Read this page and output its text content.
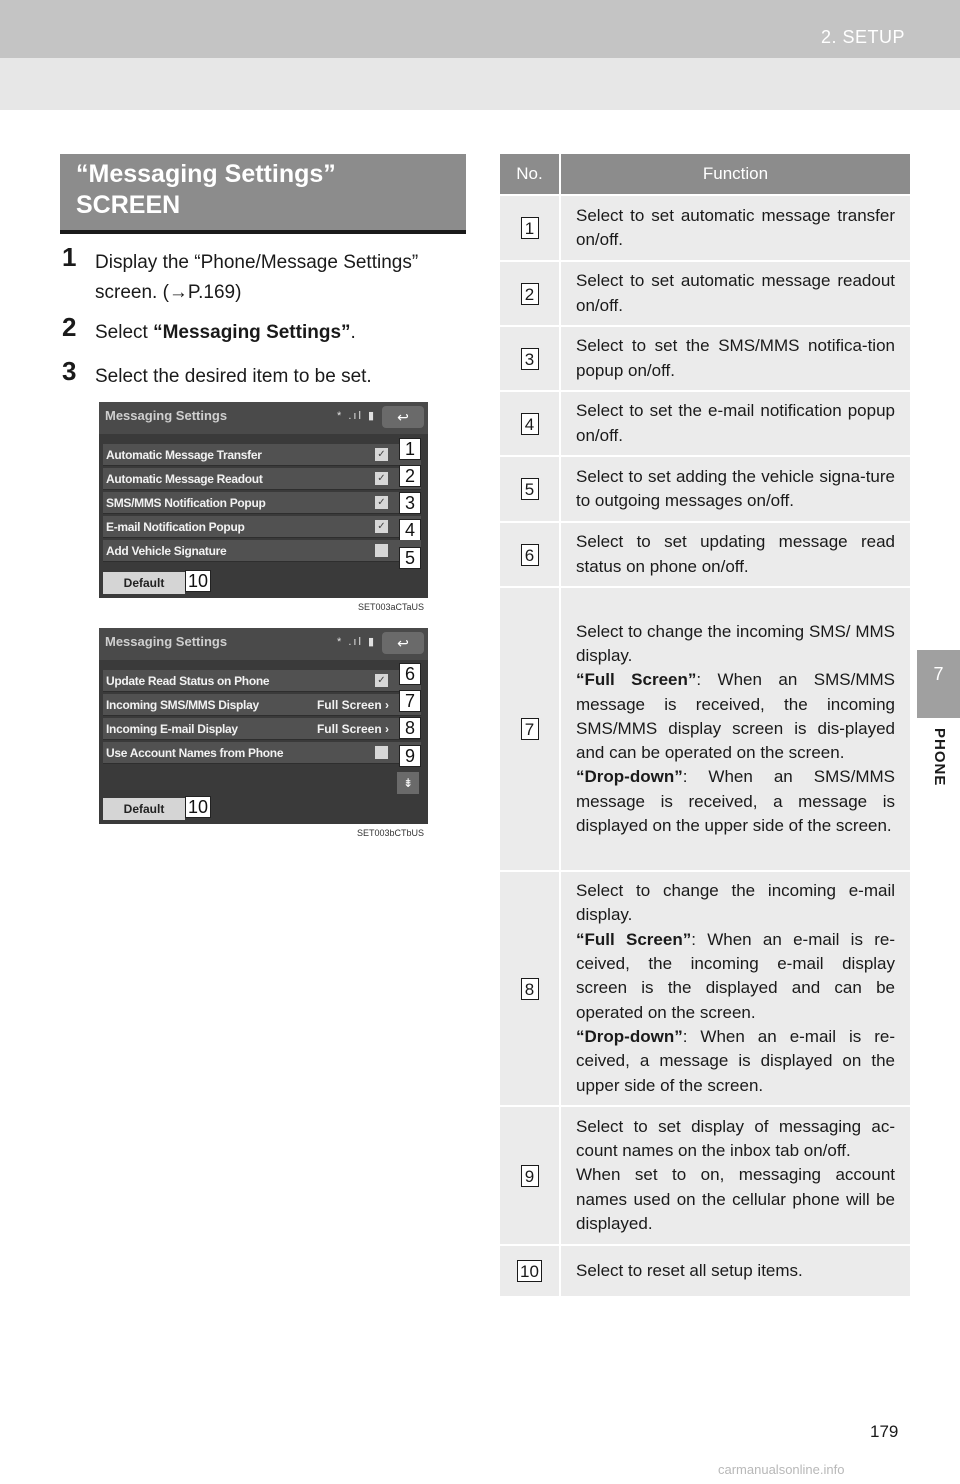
2. SETUP
7
PHONE
“Messaging Settings”
SCREEN
1 Display the “Phone/Message Settings”
screen. (→P.169)
2 Select “Messaging Settings”.
3 Select the desired item to be set.
Messaging Settings	* .ıl ▮	↩
Automatic Message Transfer	✓	1
Automatic Message Readout	✓	2
SMS/MMS Notification Popup	✓	3
E-mail Notification Popup	✓	4
Add Vehicle Signature	5
Default	10
SET003aCTaUS
Messaging Settings	* .ıl ▮	↩
Update Read Status on Phone	✓	6
Incoming SMS/MMS Display	Full Screen › 7
Incoming E-mail Display	Full Screen › 8
Use Account Names from Phone	9
⇟
Default	10
SET003bCTbUS
No.	Function
1	Select to set automatic message transfer on/off.
2	Select to set automatic message readout on/off.
3	Select to set the SMS/MMS notifica-tion popup on/off.
4	Select to set the e-mail notification popup on/off.
5	Select to set adding the vehicle signa-ture to outgoing messages on/off.
6	Select to set updating message read status on phone on/off.
7	Select to change the incoming SMS/ MMS display.
“Full Screen”: When an SMS/MMS message is received, the incoming SMS/MMS display screen is dis-played and can be operated on the screen.
“Drop-down”: When an SMS/MMS message is received, a message is displayed on the upper side of the screen.

8	Select to change the incoming e-mail display.
“Full Screen”: When an e-mail is re-ceived, the incoming e-mail display screen is the displayed and can be operated on the screen.
“Drop-down”: When an e-mail is re-ceived, a message is displayed on the upper side of the screen.

9	Select to set display of messaging ac-count names on the inbox tab on/off.
When set to on, messaging account names used on the cellular phone will be displayed.

10	Select to reset all setup items.
179
carmanualsonline.info
